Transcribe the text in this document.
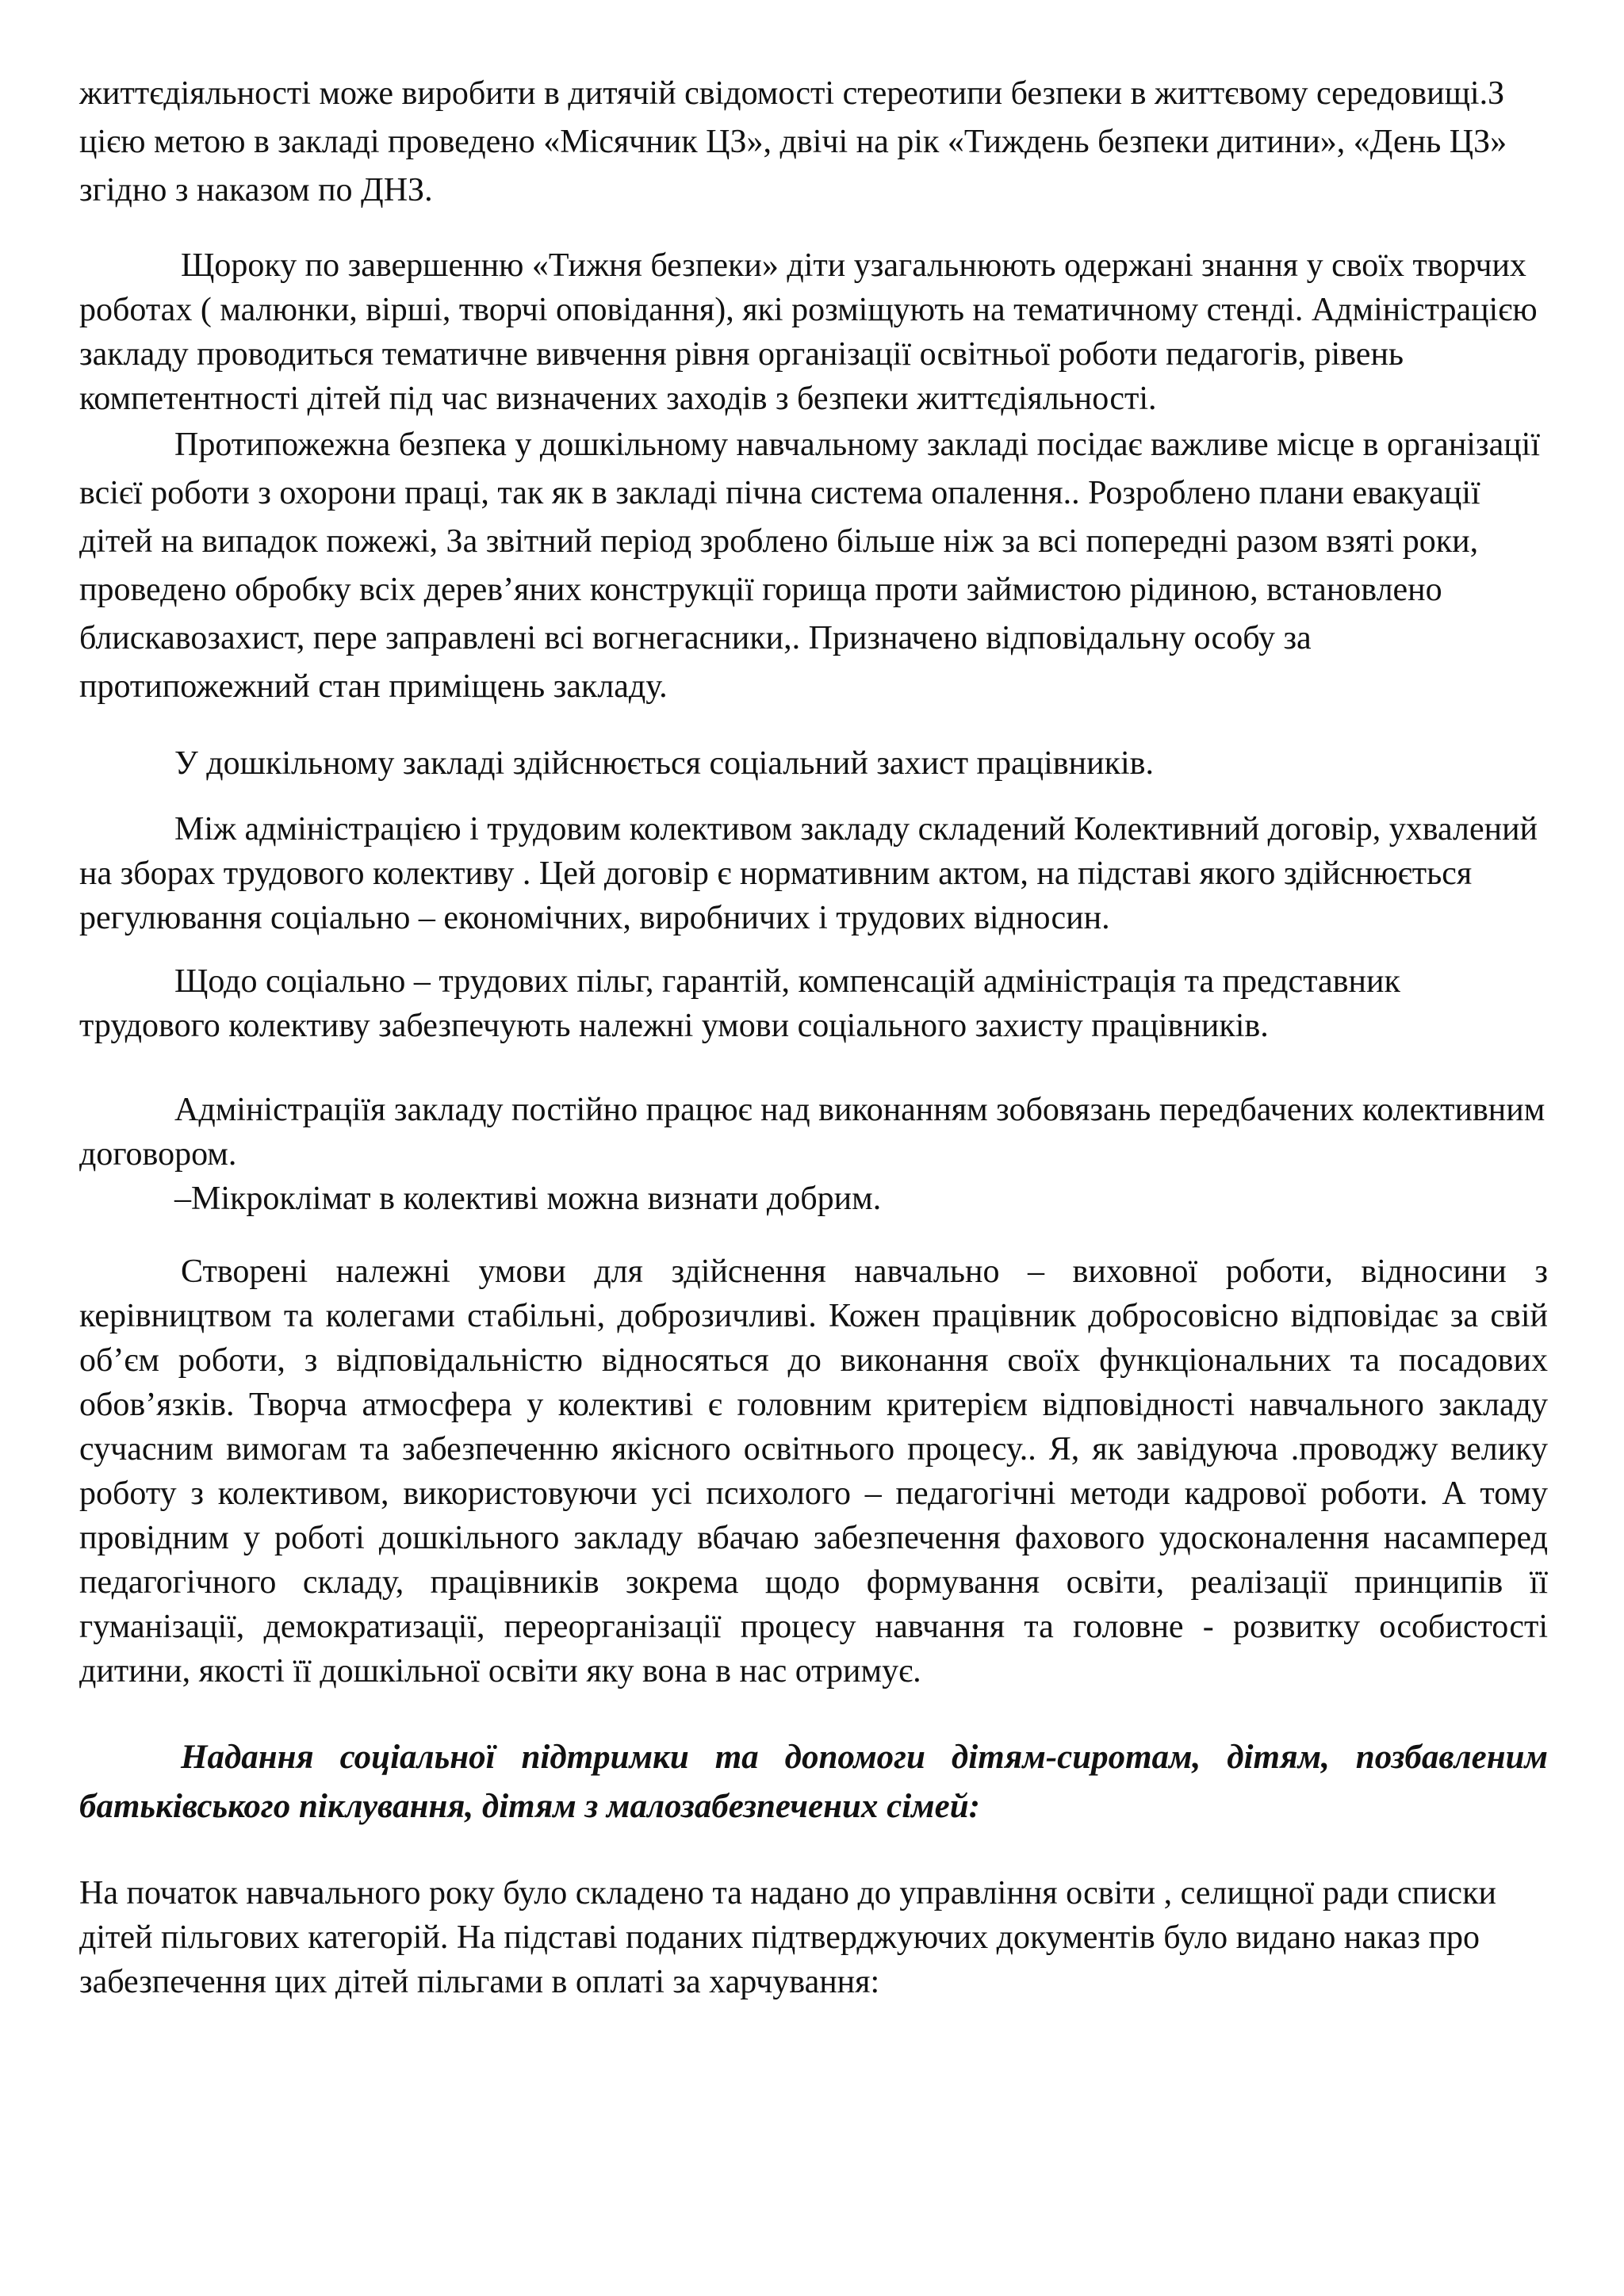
життєдіяльності може виробити в дитячій свідомості стереотипи безпеки в життєвому середовищі.З цією метою в закладі проведено «Місячник ЦЗ», двічі на рік «Тиждень безпеки дитини», «День ЦЗ» згідно з наказом по ДНЗ.

Щороку по завершенню «Тижня безпеки» діти узагальнюють одержані знання у своїх творчих роботах ( малюнки, вірші, творчі оповідання), які розміщують на тематичному стенді. Адміністрацією закладу проводиться тематичне вивчення рівня організації освітньої роботи педагогів, рівень компетентності дітей під час визначених заходів з безпеки життєдіяльності.

Протипожежна безпека у дошкільному навчальному закладі посідає важливе місце в організації всієї роботи з охорони праці, так як в закладі пічна система опалення.. Розроблено плани евакуації дітей на випадок пожежі, За звітний період зроблено більше ніж за всі попередні разом взяті роки, проведено обробку всіх дерев’яних конструкції горища проти займистою рідиною, встановлено блискавозахист, пере заправлені всі вогнегасники,. Призначено відповідальну особу за протипожежний стан приміщень закладу.

У дошкільному закладі здійснюється соціальний захист працівників.

Між адміністрацією і трудовим колективом закладу складений Колективний договір, ухвалений на зборах трудового колективу . Цей договір є нормативним актом, на підставі якого здійснюється регулювання соціально – економічних, виробничих і трудових відносин.

Щодо соціально – трудових пільг, гарантій, компенсацій адміністрація та представник трудового колективу забезпечують належні умови соціального захисту працівників.

Адміністраціїя закладу постійно працює над виконанням зобовязань передбачених колективним договором.

–Мікроклімат в колективі можна визнати добрим.

Створені належні умови для здійснення навчально – виховної роботи, відносини з керівництвом та колегами стабільні, доброзичливі. Кожен працівник добросовісно відповідає за свій об’єм роботи, з відповідальністю відносяться до виконання своїх функціональних та посадових обов’язків. Творча атмосфера у колективі є головним критерієм відповідності навчального закладу сучасним вимогам та забезпеченню якісного освітнього процесу.. Я, як завідуюча .проводжу велику роботу з колективом, використовуючи усі психолого – педагогічні методи кадрової роботи. А тому провідним у роботі дошкільного закладу вбачаю забезпечення фахового удосконалення насамперед педагогічного складу, працівників зокрема щодо формування освіти, реалізації принципів її гуманізації, демократизації, переорганізації процесу навчання та головне - розвитку особистості дитини, якості її дошкільної освіти яку вона в нас отримує.

Надання соціальної підтримки та допомоги дітям-сиротам, дітям, позбавленим батьківського піклування, дітям з малозабезпечених сімей:

На початок навчального року було складено та надано до управління освіти , селищної ради списки дітей пільгових категорій. На підставі поданих підтверджуючих документів було видано наказ про забезпечення цих дітей пільгами в оплаті за харчування:
